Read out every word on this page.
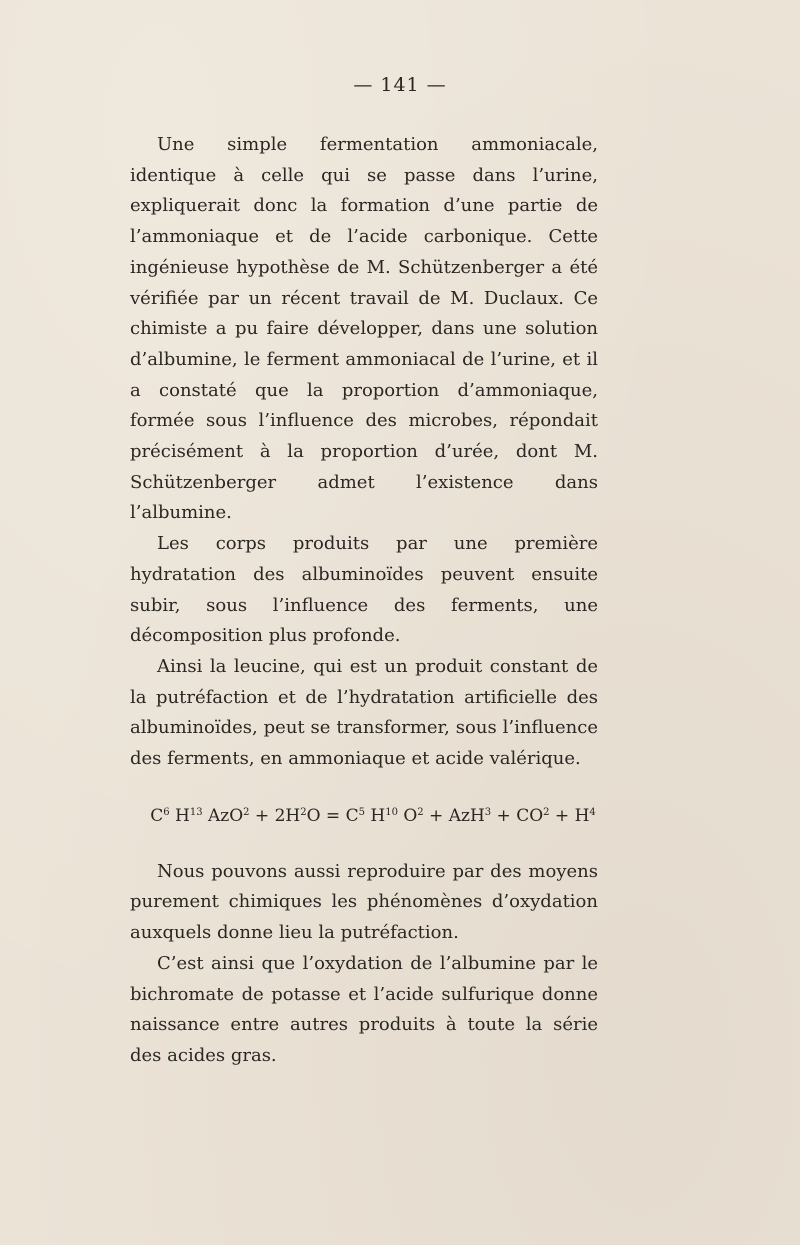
— 141 —

Une simple fermentation ammoniacale, identique à celle qui se passe dans l’urine, expliquerait donc la formation d’une partie de l’ammoniaque et de l’acide carbonique. Cette ingénieuse hypothèse de M. Schützenberger a été vérifiée par un récent travail de M. Duclaux. Ce chimiste a pu faire développer, dans une solution d’albumine, le ferment ammoniacal de l’urine, et il a constaté que la proportion d’ammoniaque, formée sous l’influence des microbes, répondait précisément à la proportion d’urée, dont M. Schützenberger admet l’existence dans l’albumine.

Les corps produits par une première hydratation des albuminoïdes peuvent ensuite subir, sous l’influence des ferments, une décomposition plus profonde.

Ainsi la leucine, qui est un produit constant de la putréfaction et de l’hydratation artificielle des albuminoïdes, peut se transformer, sous l’influence des ferments, en ammoniaque et acide valérique.

$C^6$ $H^{13}$ $AzO^2 + 2H^2O = C^5$ $H^{10}$ $O^2 + AzH^3 + CO^2 + H^4$

Nous pouvons aussi reproduire par des moyens purement chimiques les phénomènes d’oxydation auxquels donne lieu la putréfaction.

C’est ainsi que l’oxydation de l’albumine par le bichromate de potasse et l’acide sulfurique donne naissance entre autres produits à toute la série des acides gras.
